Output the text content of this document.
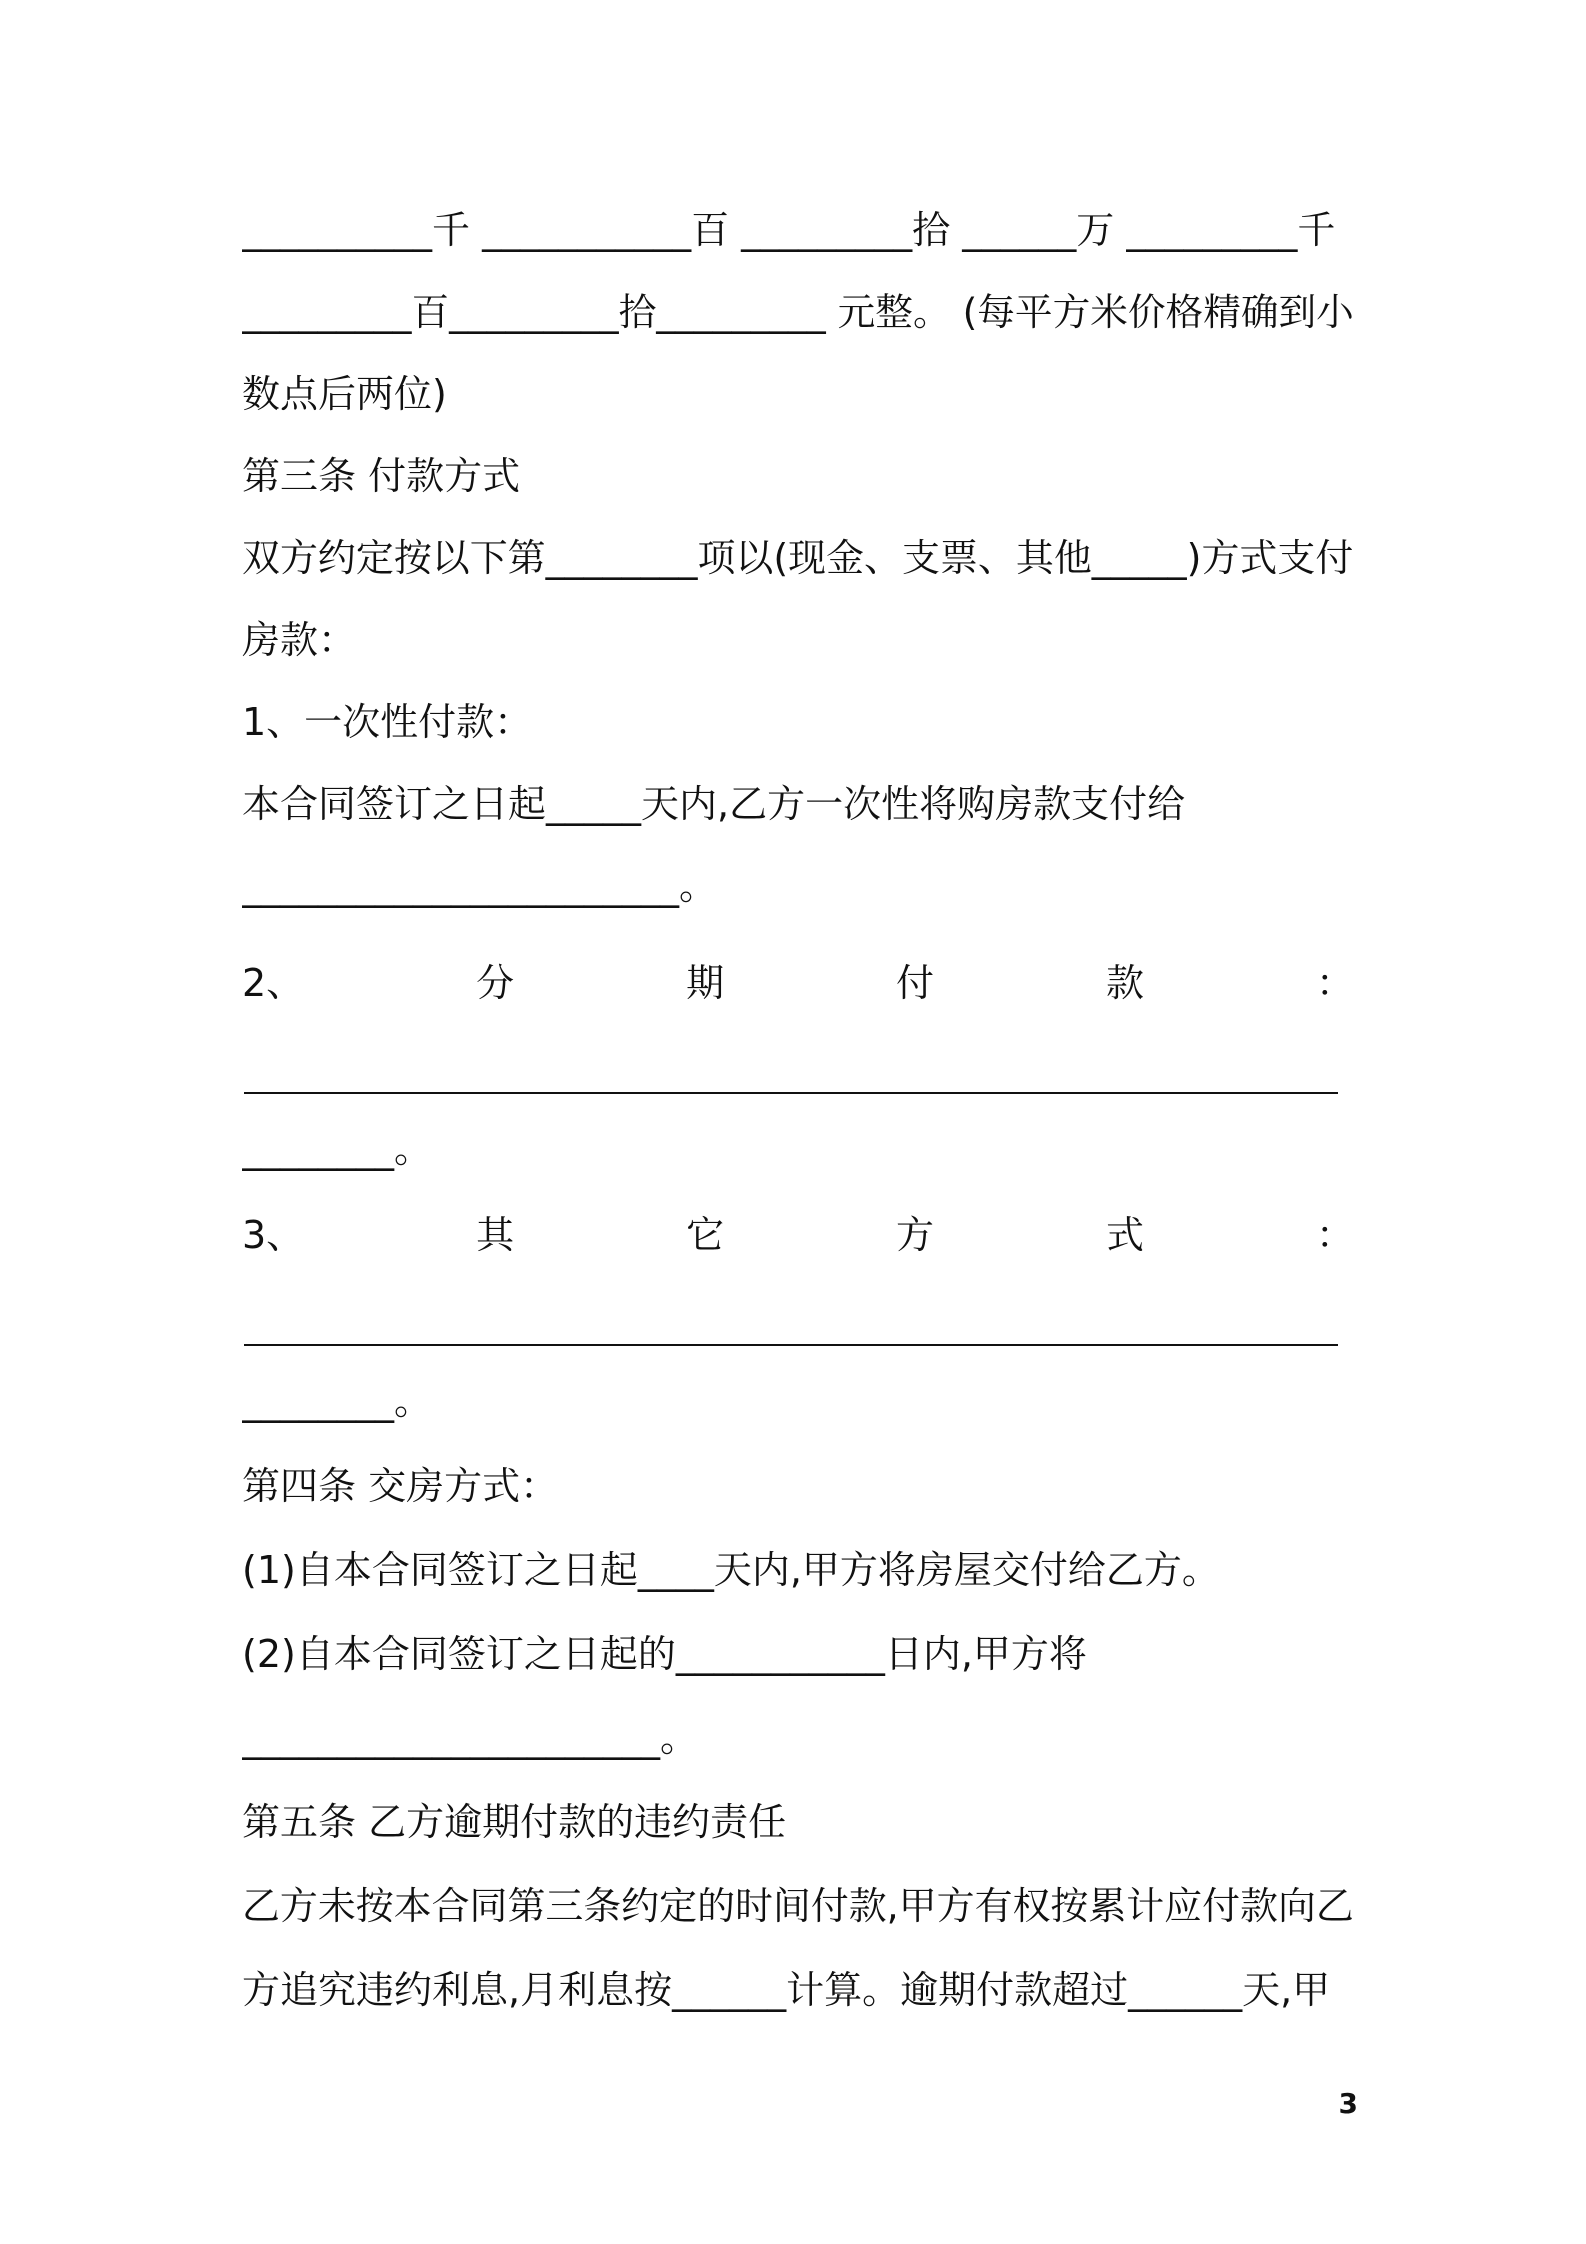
__________千 ___________百 _________拾 ______万 _________千
_________百_________拾_________ 元整。 (每平方米价格精确到小
数点后两位)
第三条 付款方式
双方约定按以下第________项以(现金、支票、其他_____)方式支付
房款：
1、一次性付款：
本合同签订之日起_____天内,乙方一次性将购房款支付给
_______________________。
2、	分	期	付	款	：
________。
3、	其	它	方	式	：
________。
第四条 交房方式：
(1)自本合同签订之日起____天内,甲方将房屋交付给乙方。
(2)自本合同签订之日起的___________日内,甲方将
______________________。
第五条 乙方逾期付款的违约责任
乙方未按本合同第三条约定的时间付款,甲方有权按累计应付款向乙
方追究违约利息,月利息按______计算。逾期付款超过______天,甲
3
